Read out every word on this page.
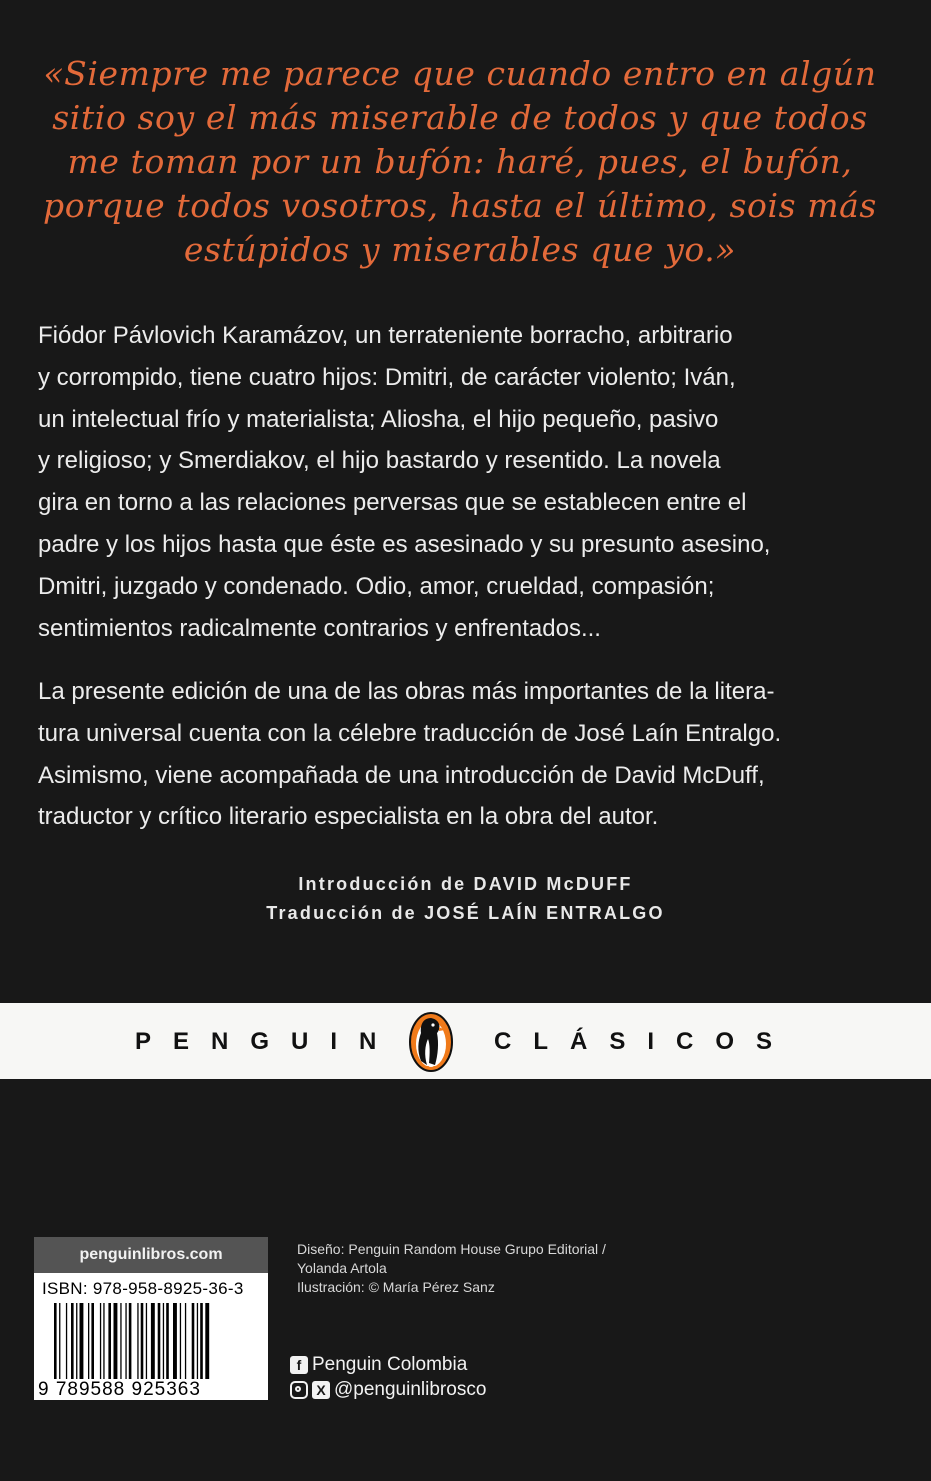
«Siempre me parece que cuando entro en algún
sitio soy el más miserable de todos y que todos
me toman por un bufón: haré, pues, el bufón,
porque todos vosotros, hasta el último, sois más
estúpidos y miserables que yo.»
Fiódor Pávlovich Karamázov, un terrateniente borracho, arbitrario
y corrompido, tiene cuatro hijos: Dmitri, de carácter violento; Iván,
un intelectual frío y materialista; Aliosha, el hijo pequeño, pasivo
y religioso; y Smerdiakov, el hijo bastardo y resentido. La novela
gira en torno a las relaciones perversas que se establecen entre el
padre y los hijos hasta que éste es asesinado y su presunto asesino,
Dmitri, juzgado y condenado. Odio, amor, crueldad, compasión;
sentimientos radicalmente contrarios y enfrentados...
La presente edición de una de las obras más importantes de la litera-
tura universal cuenta con la célebre traducción de José Laín Entralgo.
Asimismo, viene acompañada de una introducción de David McDuff,
traductor y crítico literario especialista en la obra del autor.
Introducción de DAVID McDUFF
Traducción de JOSÉ LAÍN ENTRALGO
PENGUIN	CLÁSICOS
penguinlibros.com
ISBN: 978-958-8925-36-3
9 789588 925363
Diseño: Penguin Random House Grupo Editorial /
Yolanda Artola
Ilustración: © María Pérez Sanz
f Penguin Colombia
X @penguinlibrosco
